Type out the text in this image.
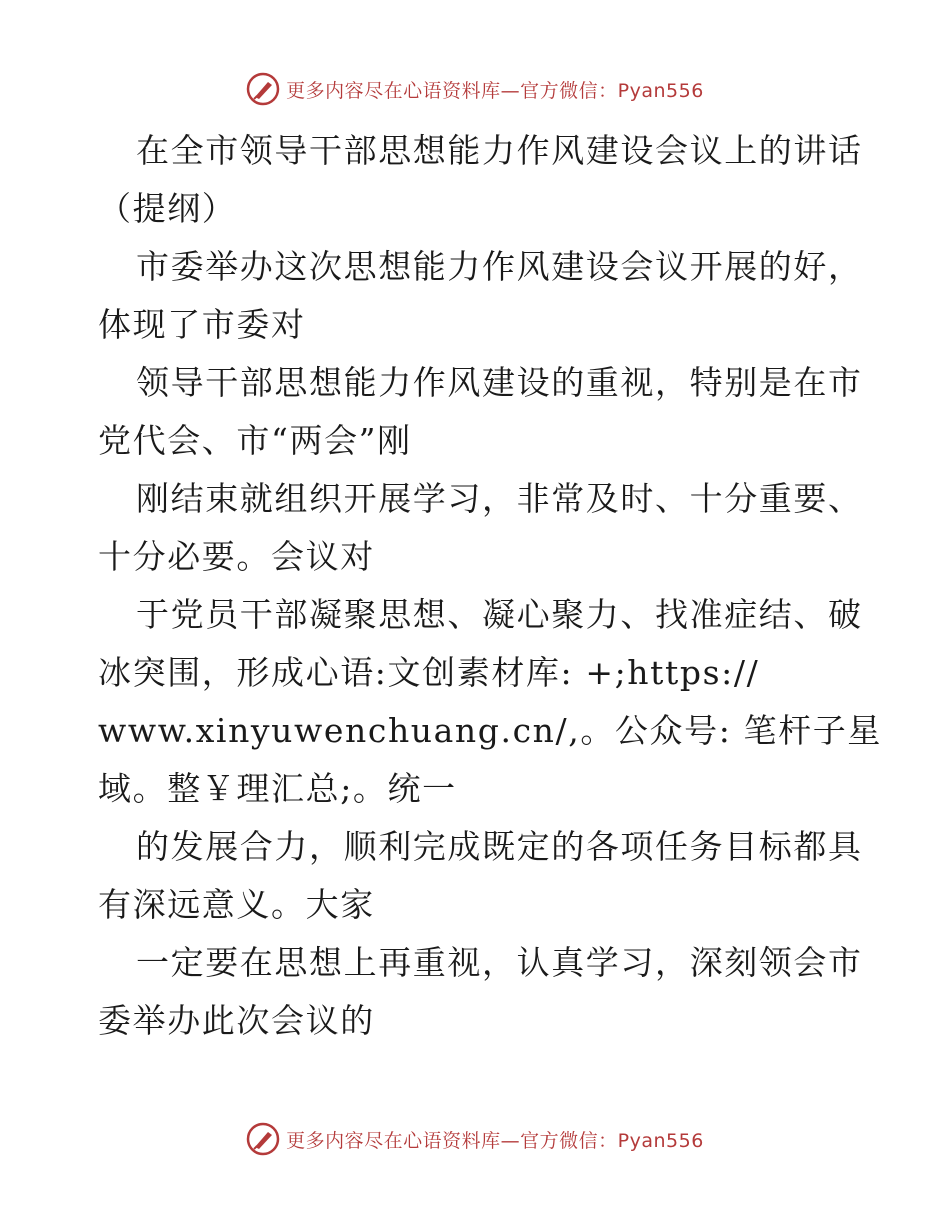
更多内容尽在心语资料库—官方微信：Pyan556
在全市领导干部思想能力作风建设会议上的讲话
（提纲）
市委举办这次思想能力作风建设会议开展的好，
体现了市委对
领导干部思想能力作风建设的重视，特别是在市
党代会、市“两会”刚
刚结束就组织开展学习，非常及时、十分重要、
十分必要。会议对
于党员干部凝聚思想、凝心聚力、找准症结、破
冰突围，形成心语:文创素材库: +;https://
www.xinyuwenchuang.cn/,。公众号: 笔杆子星
域。整￥理汇总;。统一
的发展合力，顺利完成既定的各项任务目标都具
有深远意义。大家
一定要在思想上再重视，认真学习，深刻领会市
委举办此次会议的
更多内容尽在心语资料库—官方微信：Pyan556
